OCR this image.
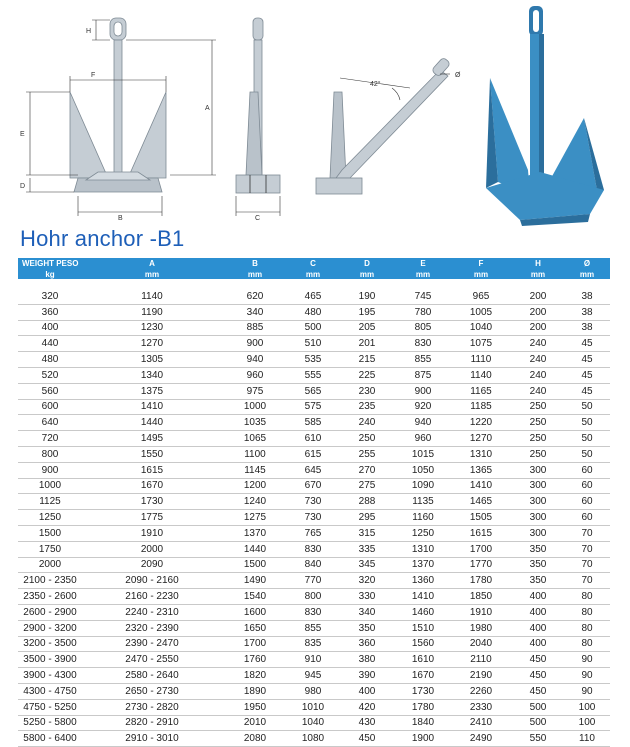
H
F
A
E
D
B	C
42°
Ø
Hohr anchor -B1
WEIGHT PESO	A	B	C	D	E	F	H	Ø
kg	mm	mm	mm	mm	mm	mm	mm	mm

320	1140	620	465	190	745	965	200	38
360	1190	340	480	195	780	1005	200	38
400	1230	885	500	205	805	1040	200	38
440	1270	900	510	201	830	1075	240	45
480	1305	940	535	215	855	1110	240	45
520	1340	960	555	225	875	1140	240	45
560	1375	975	565	230	900	1165	240	45
600	1410	1000	575	235	920	1185	250	50
640	1440	1035	585	240	940	1220	250	50
720	1495	1065	610	250	960	1270	250	50
800	1550	1100	615	255	1015	1310	250	50
900	1615	1145	645	270	1050	1365	300	60
1000	1670	1200	670	275	1090	1410	300	60
1125	1730	1240	730	288	1135	1465	300	60
1250	1775	1275	730	295	1160	1505	300	60
1500	1910	1370	765	315	1250	1615	300	70
1750	2000	1440	830	335	1310	1700	350	70
2000	2090	1500	840	345	1370	1770	350	70
2100 - 2350	2090 - 2160	1490	770	320	1360	1780	350	70
2350 - 2600	2160 - 2230	1540	800	330	1410	1850	400	80
2600 - 2900	2240 - 2310	1600	830	340	1460	1910	400	80
2900 - 3200	2320 - 2390	1650	855	350	1510	1980	400	80
3200 - 3500	2390 - 2470	1700	835	360	1560	2040	400	80
3500 - 3900	2470 - 2550	1760	910	380	1610	2110	450	90
3900 - 4300	2580 - 2640	1820	945	390	1670	2190	450	90
4300 - 4750	2650 - 2730	1890	980	400	1730	2260	450	90
4750 - 5250	2730 - 2820	1950	1010	420	1780	2330	500	100
5250 - 5800	2820 - 2910	2010	1040	430	1840	2410	500	100
5800 - 6400	2910 - 3010	2080	1080	450	1900	2490	550	110
